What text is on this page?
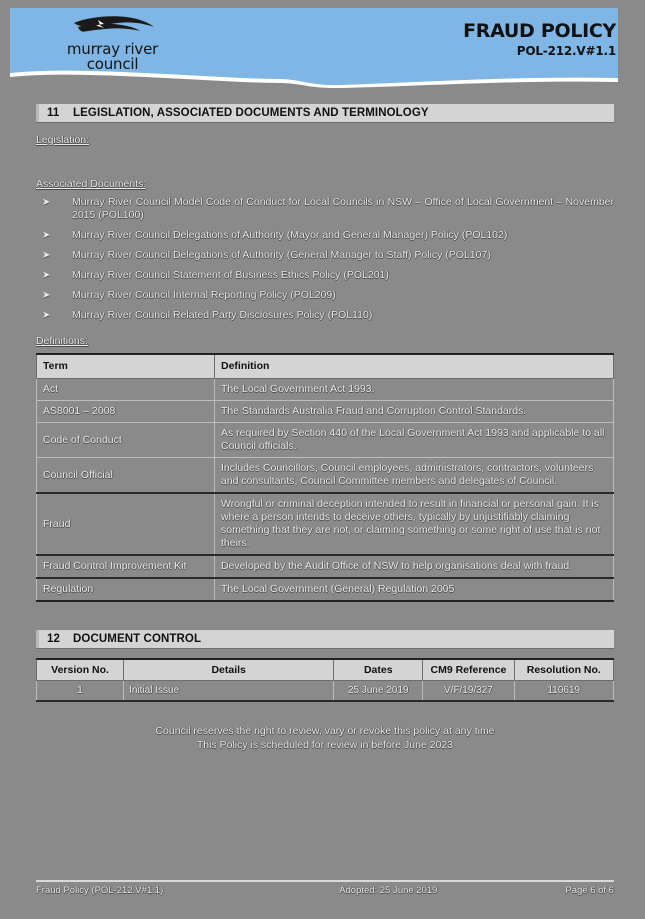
murray river
council
FRAUD POLICY
POL-212.V#1.1
11 LEGISLATION, ASSOCIATED DOCUMENTS AND TERMINOLOGY
Legislation:
Associated Documents:
➤ Murray River Council Model Code of Conduct for Local Councils in NSW – Office of Local Government – November 2015 (POL100)
➤ Murray River Council Delegations of Authority (Mayor and General Manager) Policy (POL102)
➤ Murray River Council Delegations of Authority (General Manager to Staff) Policy (POL107)
➤ Murray River Council Statement of Business Ethics Policy (POL201)
➤ Murray River Council Internal Reporting Policy (POL209)
➤ Murray River Council Related Party Disclosures Policy (POL110)
Definitions:
Term	Definition
Act	The Local Government Act 1993.
AS8001 – 2008	The Standards Australia Fraud and Corruption Control Standards.
Code of Conduct	As required by Section 440 of the Local Government Act 1993 and applicable to all Council officials.
Council Official	Includes Councillors, Council employees, administrators, contractors, volunteers and consultants, Council Committee members and delegates of Council.
Fraud	Wrongful or criminal deception intended to result in financial or personal gain. It is where a person intends to deceive others, typically by unjustifiably claiming something that they are not, or claiming something or some right of use that is not theirs.
Fraud Control Improvement Kit	Developed by the Audit Office of NSW to help organisations deal with fraud.
Regulation	The Local Government (General) Regulation 2005
12 DOCUMENT CONTROL
Version No.	Details	Dates	CM9 Reference	Resolution No.
1	Initial Issue	25 June 2019	V/F/19/327	110619
Council reserves the right to review, vary or revoke this policy at any time
This Policy is scheduled for review in before June 2023
Fraud Policy (POL-212.V#1.1)	Adopted: 25 June 2019	Page 6 of 6
